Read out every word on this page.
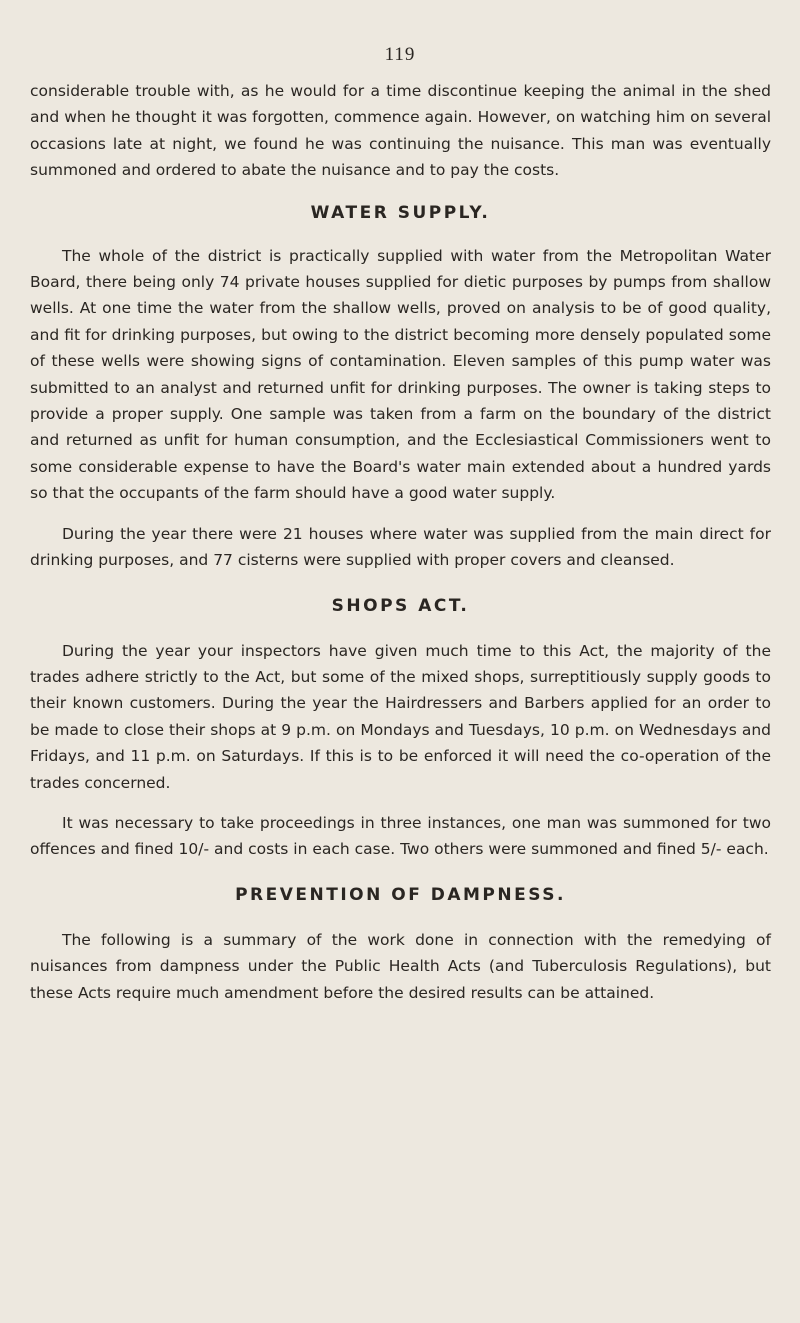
119

considerable trouble with, as he would for a time discontinue keeping the animal in the shed and when he thought it was forgotten, commence again. However, on watching him on several occasions late at night, we found he was continuing the nuisance. This man was eventually summoned and ordered to abate the nuisance and to pay the costs.

WATER SUPPLY.

The whole of the district is practically supplied with water from the Metropolitan Water Board, there being only 74 private houses supplied for dietic purposes by pumps from shallow wells. At one time the water from the shallow wells, proved on analysis to be of good quality, and fit for drinking purposes, but owing to the district becoming more densely populated some of these wells were showing signs of contamination. Eleven samples of this pump water was submitted to an analyst and returned unfit for drinking purposes. The owner is taking steps to provide a proper supply. One sample was taken from a farm on the boundary of the district and returned as unfit for human consumption, and the Ecclesiastical Commissioners went to some considerable expense to have the Board's water main extended about a hundred yards so that the occupants of the farm should have a good water supply.

During the year there were 21 houses where water was supplied from the main direct for drinking purposes, and 77 cisterns were supplied with proper covers and cleansed.

SHOPS ACT.

During the year your inspectors have given much time to this Act, the majority of the trades adhere strictly to the Act, but some of the mixed shops, surreptitiously supply goods to their known customers. During the year the Hairdressers and Barbers applied for an order to be made to close their shops at 9 p.m. on Mondays and Tuesdays, 10 p.m. on Wednesdays and Fridays, and 11 p.m. on Saturdays. If this is to be enforced it will need the co-operation of the trades concerned.

It was necessary to take proceedings in three instances, one man was summoned for two offences and fined 10/- and costs in each case. Two others were summoned and fined 5/- each.

PREVENTION OF DAMPNESS.

The following is a summary of the work done in connection with the remedying of nuisances from dampness under the Public Health Acts (and Tuberculosis Regulations), but these Acts require much amendment before the desired results can be attained.
